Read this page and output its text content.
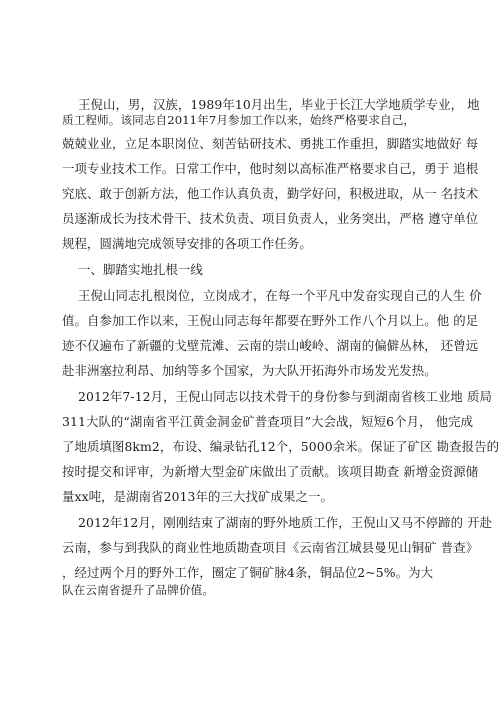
王倪山，男，汉族，1989年10月出生，毕业于长江大学地质学专业， 地
质工程师。该同志自2011年7月参加工作以来，始终严格要求自己，
兢兢业业，立足本职岗位、刻苦钻研技术、勇挑工作重担，脚踏实地做好 每
一项专业技术工作。日常工作中，他时刻以高标准严格要求自己，勇于 追根
究底、敢于创新方法，他工作认真负责，勤学好问，积极进取，从一 名技术
员逐渐成长为技术骨干、技术负责、项目负责人，业务突出，严格 遵守单位
规程，圆满地完成领导安排的各项工作任务。
一、脚踏实地扎根一线
王倪山同志扎根岗位，立岗成才，在每一个平凡中发奋实现自己的人生 价
值。自参加工作以来，王倪山同志每年都要在野外工作八个月以上。他 的足
迹不仅遍布了新疆的戈壁荒滩、云南的崇山峻岭、湖南的偏僻丛林， 还曾远
赴非洲塞拉利昂、加纳等多个国家，为大队开拓海外市场发光发热。
2012年7-12月，王倪山同志以技术骨干的身份参与到湖南省核工业地 质局
311大队的“湖南省平江黄金洞金矿普查项目”大会战，短短6个月， 他完成
了地质填图8km2，布设、编录钻孔12个，5000余米。保证了矿区 勘查报告的
按时提交和评审，为新增大型金矿床做出了贡献。该项目勘查 新增金资源储
量xx吨，是湖南省2013年的三大找矿成果之一。
2012年12月，刚刚结束了湖南的野外地质工作，王倪山又马不停蹄的 开赴
云南，参与到我队的商业性地质勘查项目《云南省江城县曼见山铜矿 普查》
，经过两个月的野外工作，圈定了铜矿脉4条，铜品位2~5%。为大
队在云南省提升了品牌价值。
